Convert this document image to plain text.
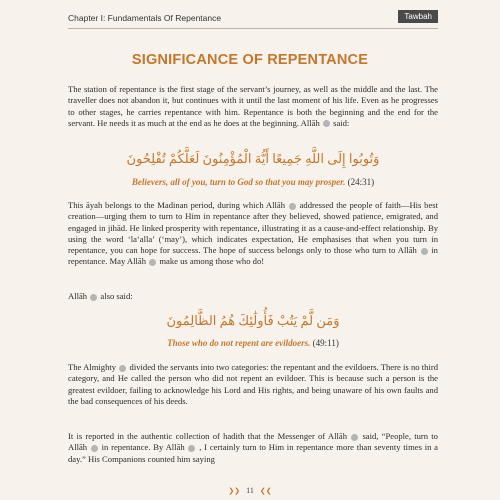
Chapter I: Fundamentals Of Repentance	Tawbah
SIGNIFICANCE OF REPENTANCE

The station of repentance is the first stage of the servant’s journey, as well as the middle and the last. The traveller does not abandon it, but continues with it until the last moment of his life. Even as he progresses to other stages, he carries repentance with him. Repentance is both the beginning and the end for the servant. He needs it as much at the end as he does at the beginning. Allāh said:

وَتُوبُوا إِلَى اللَّهِ جَمِيعًا أَيُّهَ الْمُؤْمِنُونَ لَعَلَّكُمْ تُفْلِحُونَ
Believers, all of you, turn to God so that you may prosper. (24:31)

This āyah belongs to the Madinan period, during which Allāh addressed the people of faith—His best creation—urging them to turn to Him in repentance after they believed, showed patience, emigrated, and engaged in jihād. He linked prosperity with repentance, illustrating it as a cause-and-effect relationship. By using the word ‘la‘alla’ (‘may’), which indicates expectation, He emphasises that when you turn in repentance, you can hope for success. The hope of success belongs only to those who turn to Allāh in repentance. May Allāh make us among those who do!

Allāh also said:

وَمَن لَّمْ يَتُبْ فَأُولَٰئِكَ هُمُ الظَّالِمُونَ
Those who do not repent are evildoers. (49:11)

The Almighty divided the servants into two categories: the repentant and the evildoers. There is no third category, and He called the person who did not repent an evildoer. This is because such a person is the greatest evildoer, failing to acknowledge his Lord and His rights, and being unaware of his own faults and the bad consequences of his deeds.

It is reported in the authentic collection of hadith that the Messenger of Allāh said, “People, turn to Allāh in repentance. By Allāh , I certainly turn to Him in repentance more than seventy times in a day.” His Companions counted him saying

❯❯ 11 ❮❮
